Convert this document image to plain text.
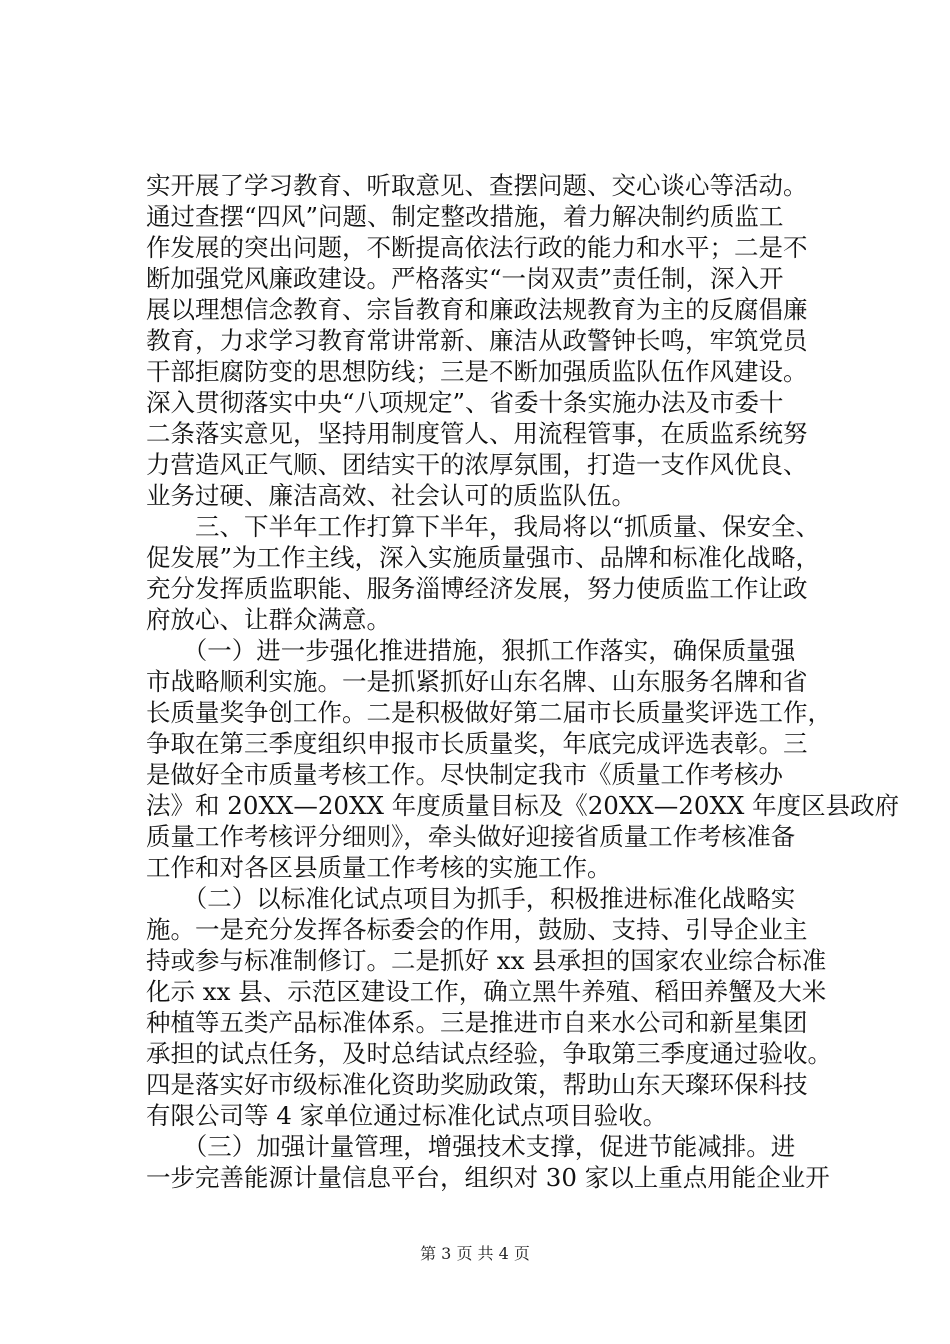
实开展了学习教育、听取意见、查摆问题、交心谈心等活动。
通过查摆“四风”问题、制定整改措施，着力解决制约质监工
作发展的突出问题，不断提高依法行政的能力和水平；二是不
断加强党风廉政建设。严格落实“一岗双责”责任制，深入开
展以理想信念教育、宗旨教育和廉政法规教育为主的反腐倡廉
教育，力求学习教育常讲常新、廉洁从政警钟长鸣，牢筑党员
干部拒腐防变的思想防线；三是不断加强质监队伍作风建设。
深入贯彻落实中央“八项规定”、省委十条实施办法及市委十
二条落实意见，坚持用制度管人、用流程管事，在质监系统努
力营造风正气顺、团结实干的浓厚氛围，打造一支作风优良、
业务过硬、廉洁高效、社会认可的质监队伍。
　　三、下半年工作打算下半年，我局将以“抓质量、保安全、
促发展”为工作主线，深入实施质量强市、品牌和标准化战略，
充分发挥质监职能、服务淄博经济发展，努力使质监工作让政
府放心、让群众满意。
　　（一）进一步强化推进措施，狠抓工作落实，确保质量强
市战略顺利实施。一是抓紧抓好山东名牌、山东服务名牌和省
长质量奖争创工作。二是积极做好第二届市长质量奖评选工作，
争取在第三季度组织申报市长质量奖，年底完成评选表彰。三
是做好全市质量考核工作。尽快制定我市《质量工作考核办
法》和 20XX—20XX 年度质量目标及《20XX—20XX 年度区县政府
质量工作考核评分细则》，牵头做好迎接省质量工作考核准备
工作和对各区县质量工作考核的实施工作。
　　（二）以标准化试点项目为抓手，积极推进标准化战略实
施。一是充分发挥各标委会的作用，鼓励、支持、引导企业主
持或参与标准制修订。二是抓好 xx 县承担的国家农业综合标准
化示 xx 县、示范区建设工作，确立黑牛养殖、稻田养蟹及大米
种植等五类产品标准体系。三是推进市自来水公司和新星集团
承担的试点任务，及时总结试点经验，争取第三季度通过验收。
四是落实好市级标准化资助奖励政策，帮助山东天璨环保科技
有限公司等 4 家单位通过标准化试点项目验收。
　　（三）加强计量管理，增强技术支撑，促进节能减排。进
一步完善能源计量信息平台，组织对 30 家以上重点用能企业开
第 3 页 共 4 页
